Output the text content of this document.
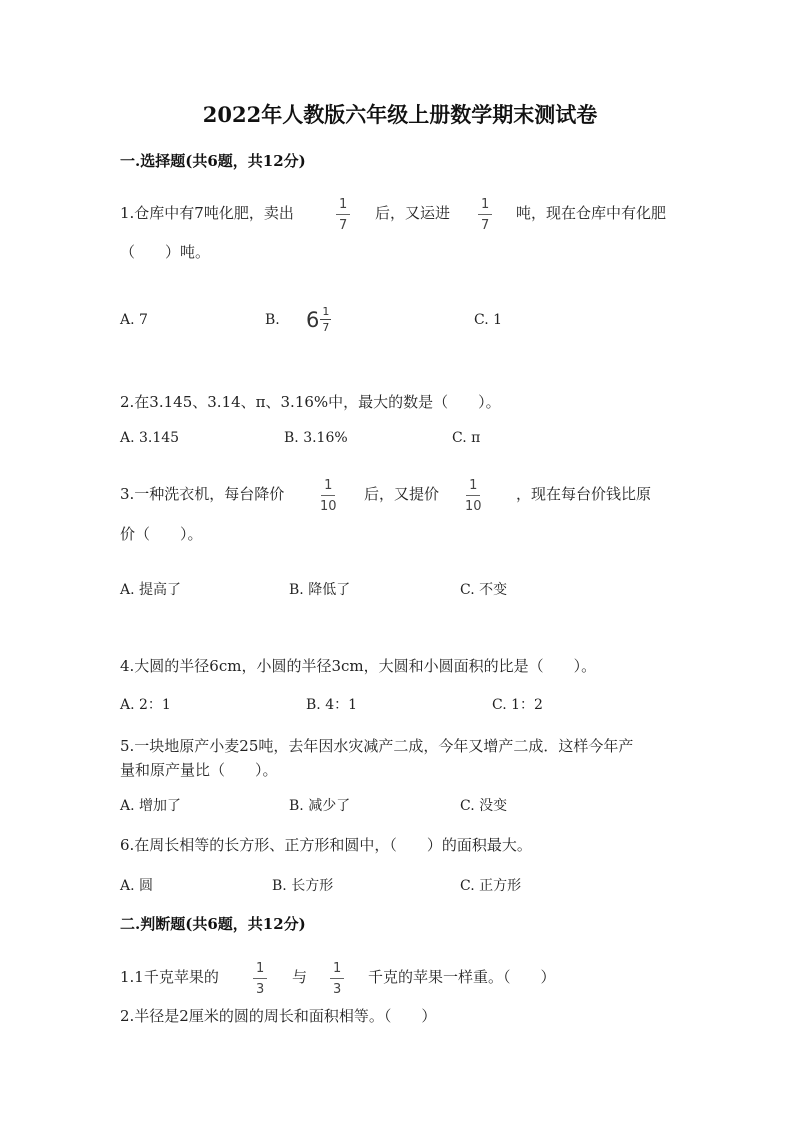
2022年人教版六年级上册数学期末测试卷
一.选择题(共6题，共12分)
1.仓库中有7吨化肥，卖出	$\frac{1}{7}$ 后，又运进 $\frac{1}{7}$ 吨，现在仓库中有化肥
（　　）吨。
A. 7	B. $6 \frac{1}{7}$	C. 1
2.在3.145、3.14、π、3.16%中，最大的数是（　　）。
A. 3.145	B. 3.16%	C. π
3.一种洗衣机，每台降价	$\frac{1}{10}$ 后，又提价 $\frac{1}{10}$ ，现在每台价钱比原
价（　　）。
A. 提高了	B. 降低了	C. 不变
4.大圆的半径6cm，小圆的半径3cm，大圆和小圆面积的比是（　　）。
A. 2：1	B. 4：1	C. 1：2
5.一块地原产小麦25吨，去年因水灾减产二成，今年又增产二成．这样今年产
量和原产量比（　　）。
A. 增加了	B. 减少了	C. 没变
6.在周长相等的长方形、正方形和圆中，（　　）的面积最大。
A. 圆	B. 长方形	C. 正方形
二.判断题(共6题，共12分)
1.1千克苹果的	$\frac{1}{3}$ 与 $\frac{1}{3}$ 千克的苹果一样重。（　　）
2.半径是2厘米的圆的周长和面积相等。（　　）
